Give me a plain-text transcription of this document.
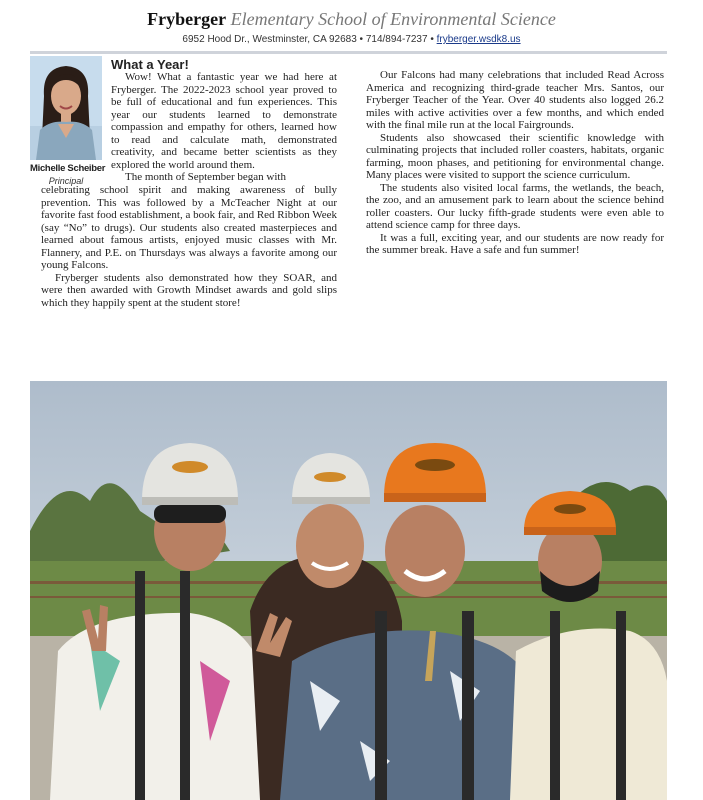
Fryberger Elementary School of Environmental Science
6952 Hood Dr., Westminster, CA 92683 • 714/894-7237 • fryberger.wsdk8.us
Michelle Scheiber
Principal
What a Year!

Wow! What a fantastic year we had here at Fryberger. The 2022-2023 school year proved to be full of educational and fun experiences. This year our students learned to demonstrate compassion and empathy for others, learned how to read and calculate math, demonstrated creativity, and became better scientists as they explored the world around them.

The month of September began with

celebrating school spirit and making awareness of bully prevention. This was followed by a McTeacher Night at our favorite fast food establishment, a book fair, and Red Ribbon Week (say “No” to drugs). Our students also created masterpieces and learned about famous artists, enjoyed music classes with Mr. Flannery, and P.E. on Thursdays was always a favorite among our young Falcons.

Fryberger students also demonstrated how they SOAR, and were then awarded with Growth Mindset awards and gold slips which they happily spent at the student store!

Our Falcons had many celebrations that included Read Across America and recognizing third-grade teacher Mrs. Santos, our Fryberger Teacher of the Year. Over 40 students also logged 26.2 miles with active activities over a few months, and which ended with the final mile run at the local Fairgrounds.

Students also showcased their scientific knowledge with culminating projects that included roller coasters, habitats, organic farming, moon phases, and petitioning for environmental change. Many places were visited to support the science curriculum.

The students also visited local farms, the wetlands, the beach, the zoo, and an amusement park to learn about the science behind roller coasters. Our lucky fifth-grade students were even able to attend science camp for three days.

It was a full, exciting year, and our students are now ready for the summer break. Have a safe and fun summer!
